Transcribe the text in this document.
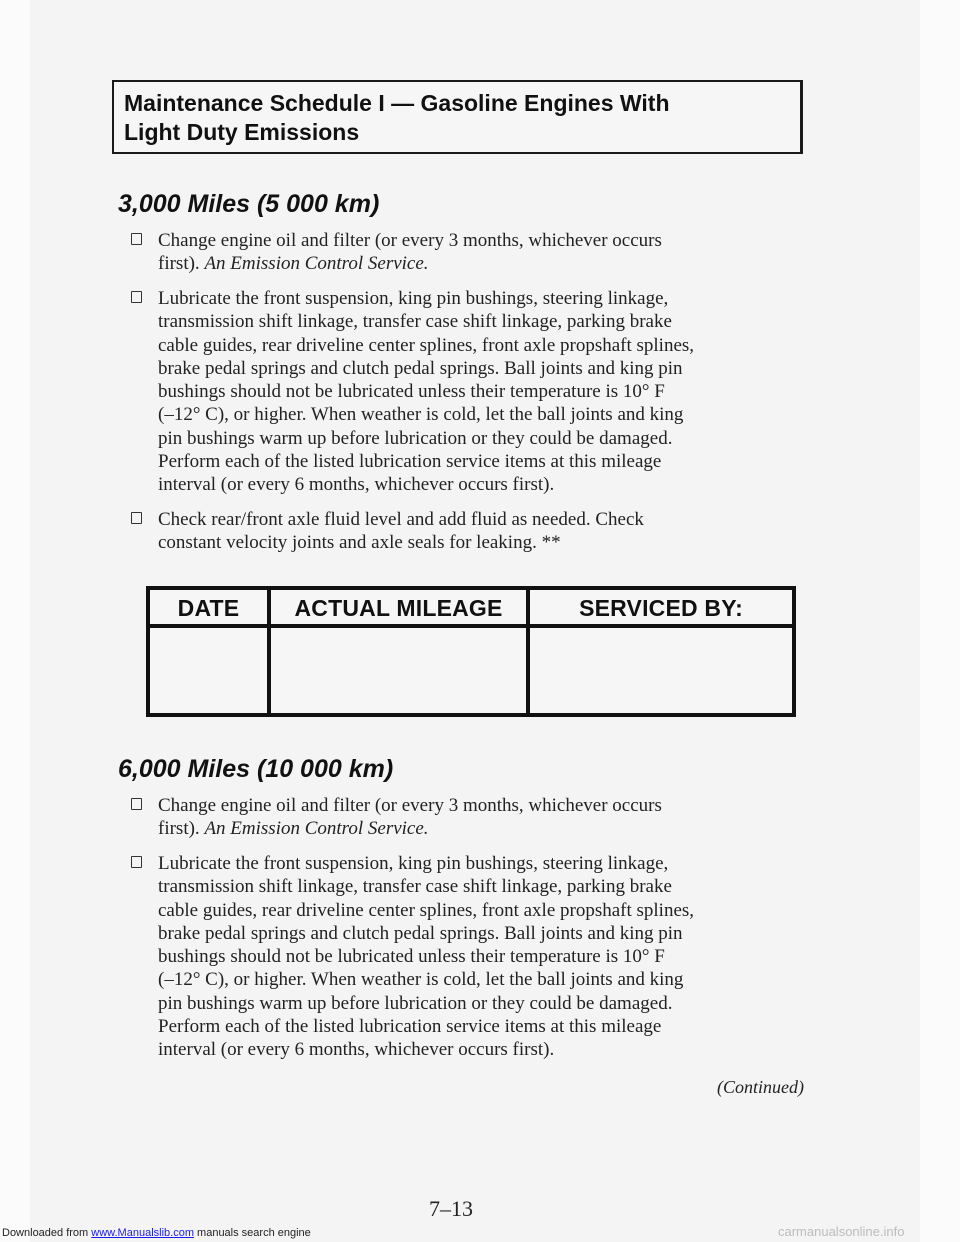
Maintenance Schedule I — Gasoline Engines With
Light Duty Emissions
3,000 Miles (5 000 km)
Change engine oil and filter (or every 3 months, whichever occurs
first). An Emission Control Service.
Lubricate the front suspension, king pin bushings, steering linkage,
transmission shift linkage, transfer case shift linkage, parking brake
cable guides, rear driveline center splines, front axle propshaft splines,
brake pedal springs and clutch pedal springs. Ball joints and king pin
bushings should not be lubricated unless their temperature is 10° F
(–12° C), or higher. When weather is cold, let the ball joints and king
pin bushings warm up before lubrication or they could be damaged.
Perform each of the listed lubrication service items at this mileage
interval (or every 6 months, whichever occurs first).
Check rear/front axle fluid level and add fluid as needed. Check
constant velocity joints and axle seals for leaking. **
DATE	ACTUAL MILEAGE	SERVICED BY:
6,000 Miles (10 000 km)
Change engine oil and filter (or every 3 months, whichever occurs
first). An Emission Control Service.
Lubricate the front suspension, king pin bushings, steering linkage,
transmission shift linkage, transfer case shift linkage, parking brake
cable guides, rear driveline center splines, front axle propshaft splines,
brake pedal springs and clutch pedal springs. Ball joints and king pin
bushings should not be lubricated unless their temperature is 10° F
(–12° C), or higher. When weather is cold, let the ball joints and king
pin bushings warm up before lubrication or they could be damaged.
Perform each of the listed lubrication service items at this mileage
interval (or every 6 months, whichever occurs first).
(Continued)
7–13
Downloaded from www.Manualslib.com manuals search engine	carmanualsonline.info
